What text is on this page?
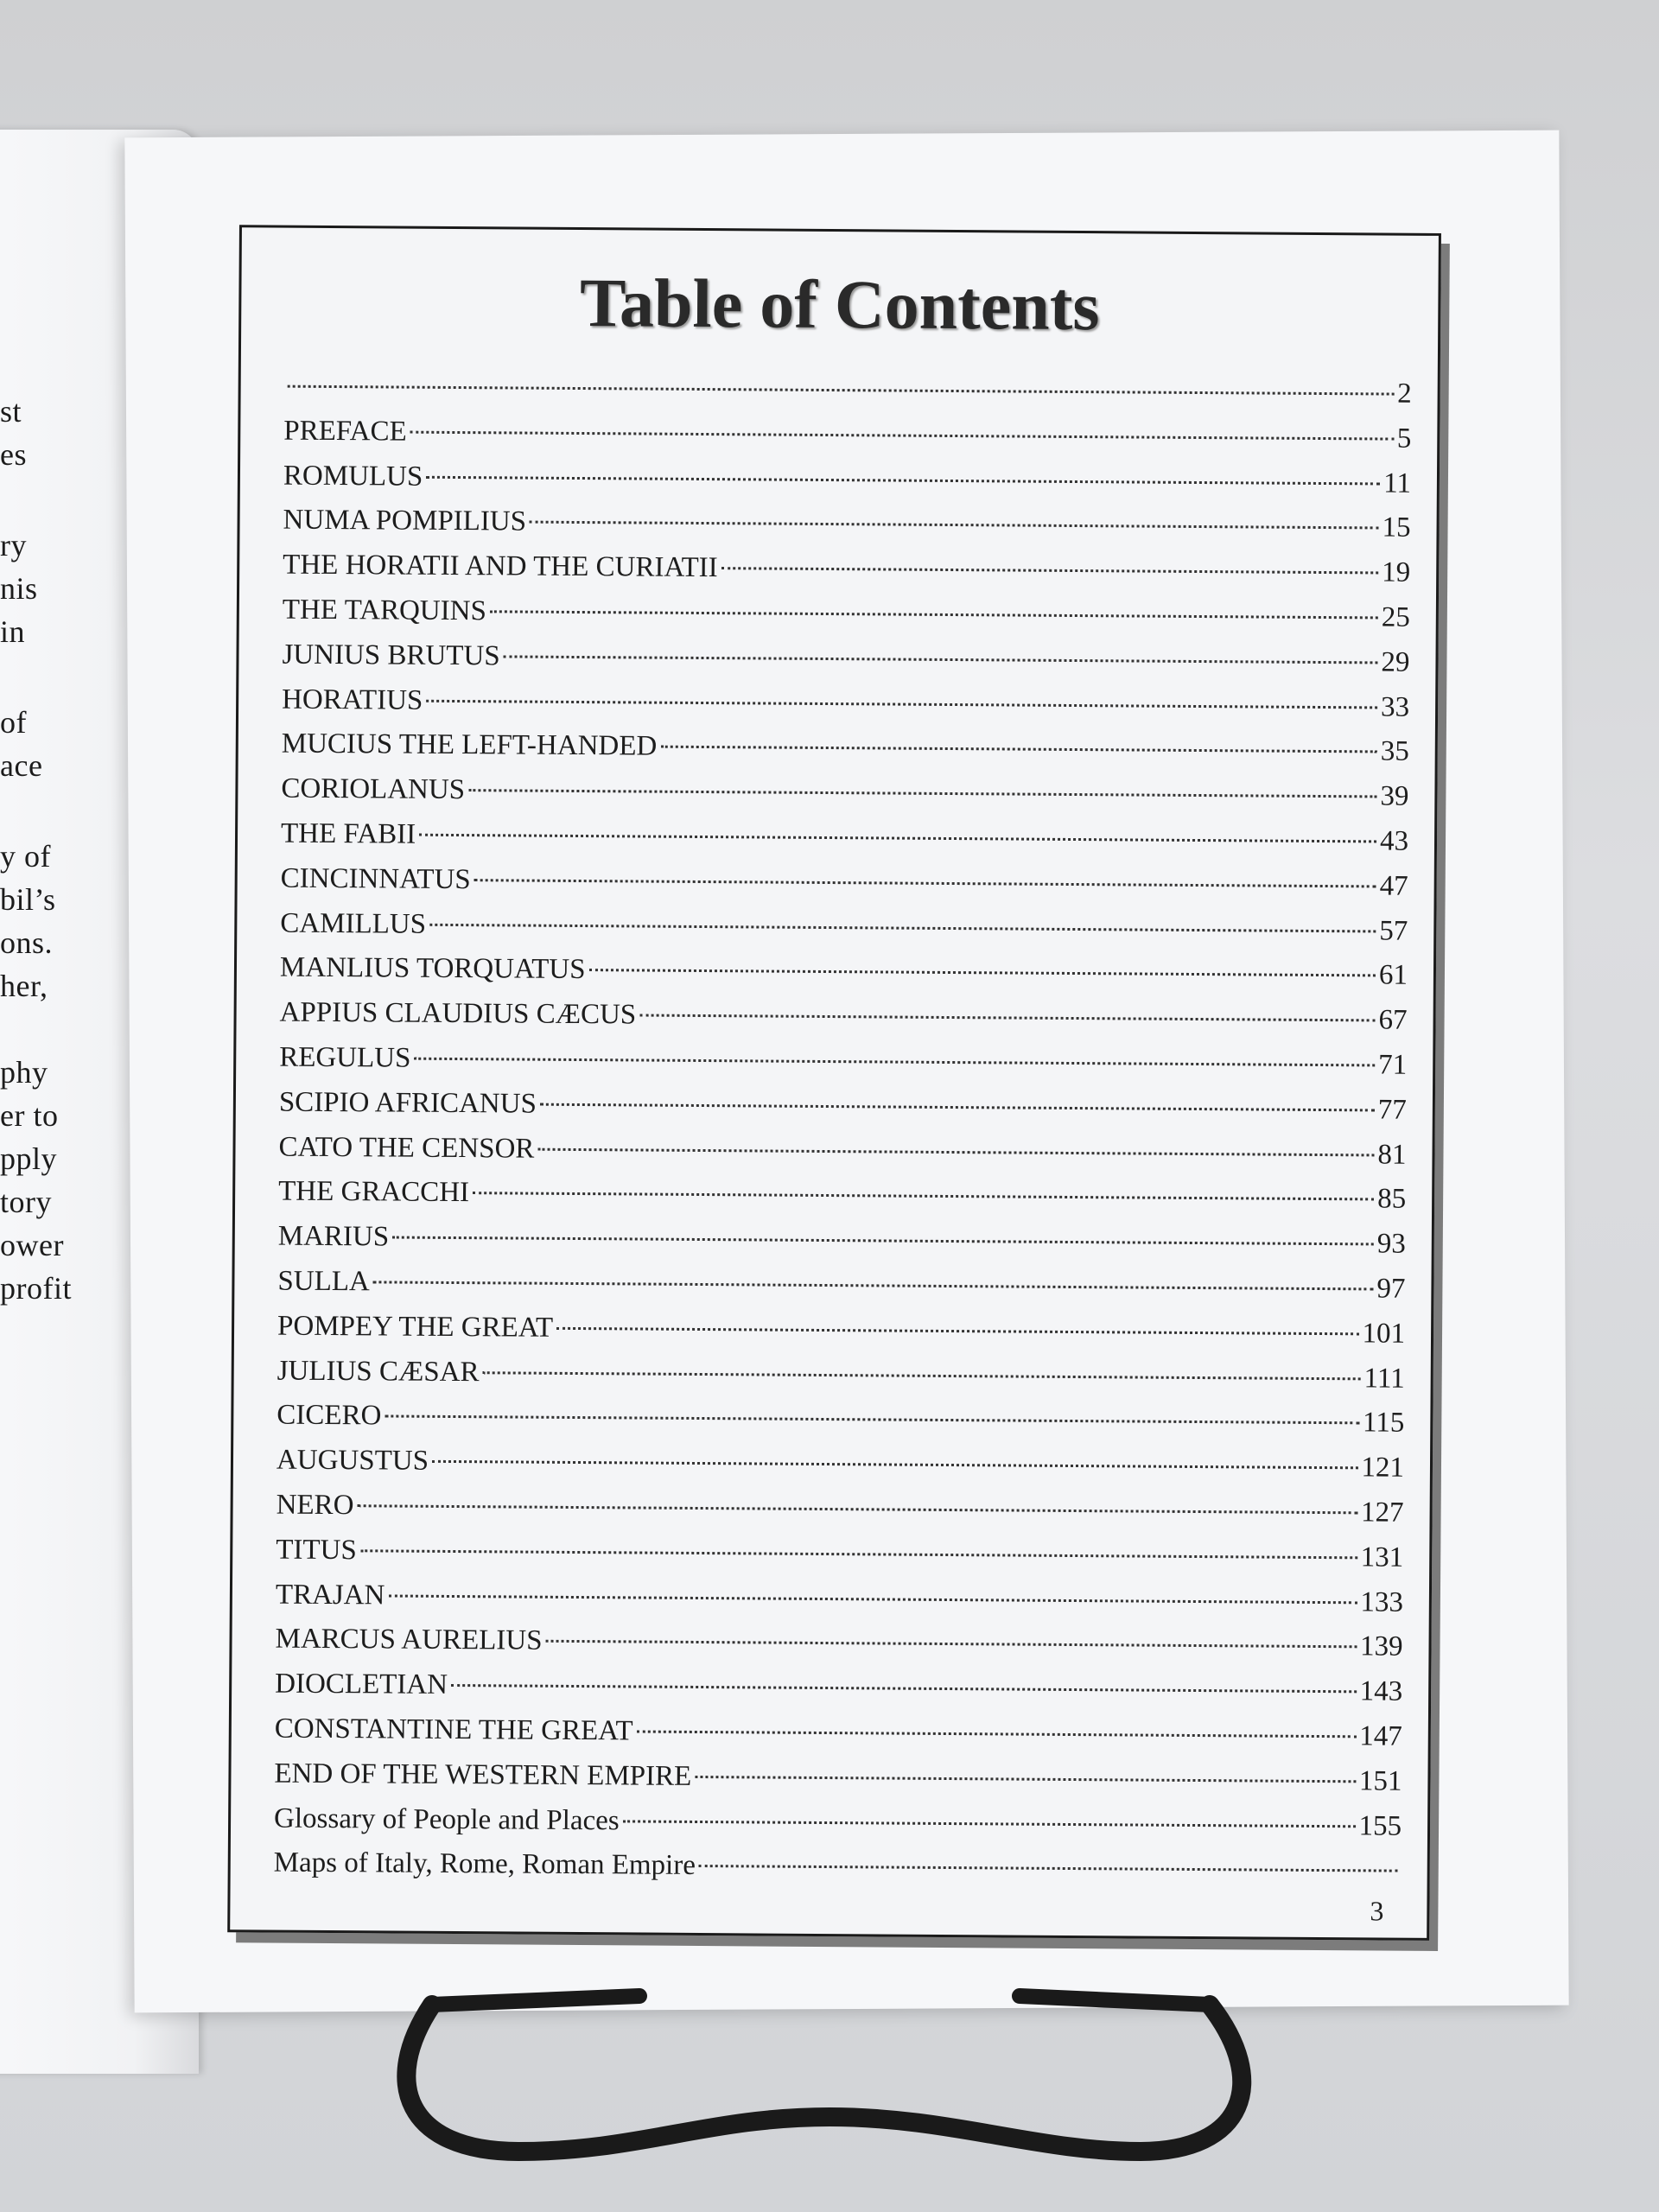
st

es

ry

nis

in

of

ace

y of

bil’s

ons.

her,

phy

er to

pply

tory

ower

profit

Table of Contents
2
PREFACE	5
ROMULUS	11
NUMA POMPILIUS	15
THE HORATII AND THE CURIATII	19
THE TARQUINS	25
JUNIUS BRUTUS	29
HORATIUS	33
MUCIUS THE LEFT-HANDED	35
CORIOLANUS	39
THE FABII	43
CINCINNATUS	47
CAMILLUS	57
MANLIUS TORQUATUS	61
APPIUS CLAUDIUS CÆCUS	67
REGULUS	71
SCIPIO AFRICANUS	77
CATO THE CENSOR	81
THE GRACCHI	85
MARIUS	93
SULLA	97
POMPEY THE GREAT	101
JULIUS CÆSAR	111
CICERO	115
AUGUSTUS	121
NERO	127
TITUS	131
TRAJAN	133
MARCUS AURELIUS	139
DIOCLETIAN	143
CONSTANTINE THE GREAT	147
END OF THE WESTERN EMPIRE	151
Glossary of People and Places	155
Maps of Italy, Rome, Roman Empire

3
